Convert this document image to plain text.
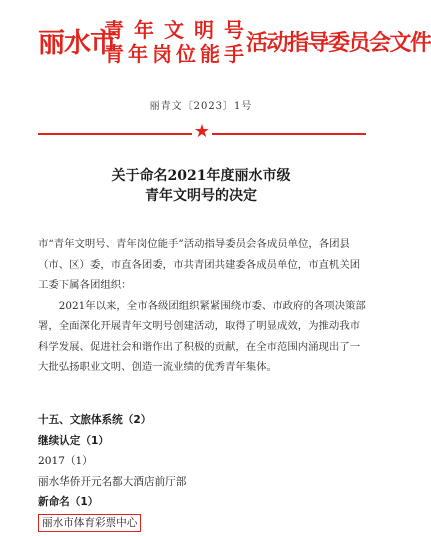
丽水市
青年文明号
青年岗位能手 活动指导委员会文件
丽青文〔2023〕1号
★
关于命名2021年度丽水市级
青年文明号的决定

市“青年文明号、青年岗位能手”活动指导委员会各成员单位，各团县（市、区）委，市直各团委，市共青团共建委各成员单位，市直机关团工委下属各团组织：

2021年以来，全市各级团组织紧紧围绕市委、市政府的各项决策部署，全面深化开展青年文明号创建活动，取得了明显成效，为推动我市科学发展、促进社会和谐作出了积极的贡献，在全市范围内涌现出了一大批弘扬职业文明、创造一流业绩的优秀青年集体。

十五、文旅体系统（2）
继续认定（1）
2017（1）
丽水华侨开元名都大酒店前厅部
新命名（1）
丽水市体育彩票中心
